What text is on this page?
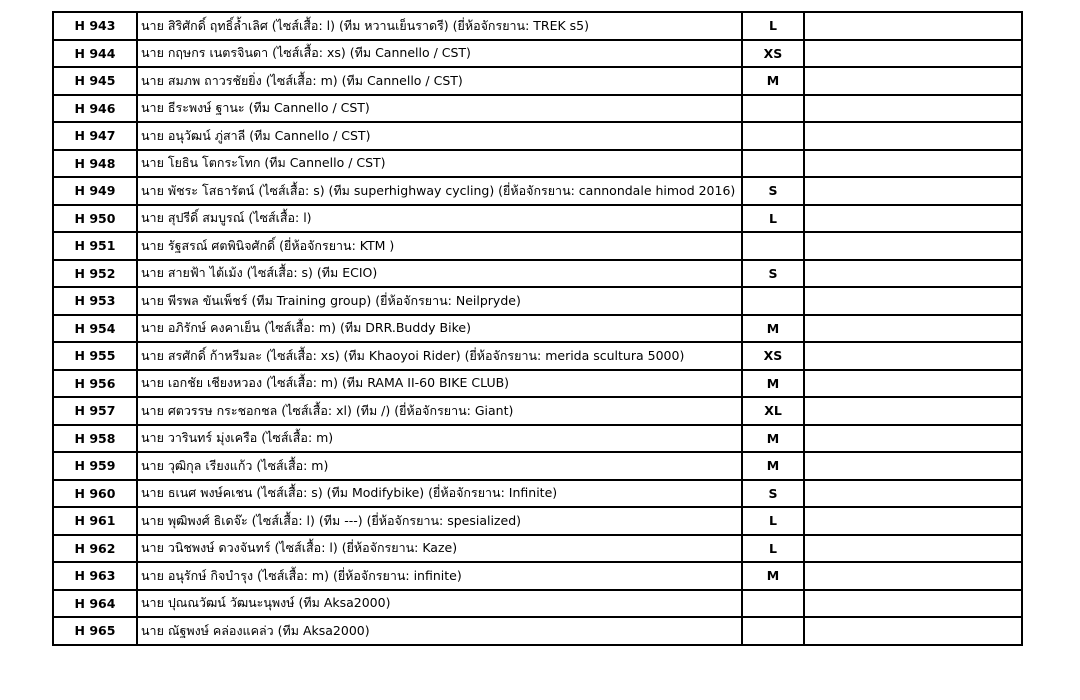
H 943	นาย สิริศักดิ์ ฤทธิ์ล้ำเลิศ (ไซส์เสื้อ: l) (ทีม หวานเย็นราดรี) (ยี่ห้อจักรยาน: TREK s5)	L	
H 944	นาย กฤษกร เนตรจินดา (ไซส์เสื้อ: xs) (ทีม Cannello / CST)	XS	
H 945	นาย สมภพ ถาวรชัยยิ่ง (ไซส์เสื้อ: m) (ทีม Cannello / CST)	M	
H 946	นาย ธีระพงษ์ ฐานะ (ทีม Cannello / CST)		
H 947	นาย อนุวัฒน์ ภู่สาลี (ทีม Cannello / CST)		
H 948	นาย โยธิน โตกระโทก (ทีม Cannello / CST)		
H 949	นาย พัชระ โสธารัตน์ (ไซส์เสื้อ: s) (ทีม superhighway cycling) (ยี่ห้อจักรยาน: cannondale himod 2016)	S	
H 950	นาย สุปรีดิ์ สมบูรณ์ (ไซส์เสื้อ: l)	L	
H 951	นาย รัฐสรณ์ ศตพินิจศักดิ์ (ยี่ห้อจักรยาน: KTM )		
H 952	นาย สายฟ้า ไต้เม้ง (ไซส์เสื้อ: s) (ทีม ECIO)	S	
H 953	นาย พีรพล ขันเพ็ชร์ (ทีม Training group) (ยี่ห้อจักรยาน: Neilpryde)		
H 954	นาย อภิรักษ์ คงคาเย็น (ไซส์เสื้อ: m) (ทีม DRR.Buddy Bike)	M	
H 955	นาย สรศักดิ์ ก้าหรีมละ (ไซส์เสื้อ: xs) (ทีม Khaoyoi Rider) (ยี่ห้อจักรยาน: merida scultura 5000)	XS	
H 956	นาย เอกชัย เชียงหวอง (ไซส์เสื้อ: m) (ทีม RAMA II-60 BIKE CLUB)	M	
H 957	นาย ศตวรรษ กระชอกชล (ไซส์เสื้อ: xl) (ทีม /) (ยี่ห้อจักรยาน: Giant)	XL	
H 958	นาย วารินทร์ มุ่งเครือ (ไซส์เสื้อ: m)	M	
H 959	นาย วุฒิกุล เรียงแก้ว (ไซส์เสื้อ: m)	M	
H 960	นาย ธเนศ พงษ์คเชน (ไซส์เสื้อ: s) (ทีม Modifybike) (ยี่ห้อจักรยาน: Infinite)	S	
H 961	นาย พุฒิพงศ์ ธิเดจ๊ะ (ไซส์เสื้อ: l) (ทีม ---) (ยี่ห้อจักรยาน: spesialized)	L	
H 962	นาย วนิชพงษ์ ดวงจันทร์ (ไซส์เสื้อ: l) (ยี่ห้อจักรยาน: Kaze)	L	
H 963	นาย อนุรักษ์ กิจบำรุง (ไซส์เสื้อ: m) (ยี่ห้อจักรยาน: infinite)	M	
H 964	นาย ปุณณวัฒน์ วัฒนะนุพงษ์ (ทีม Aksa2000)		
H 965	นาย ณัฐพงษ์ คล่องแคล่ว (ทีม Aksa2000)		
